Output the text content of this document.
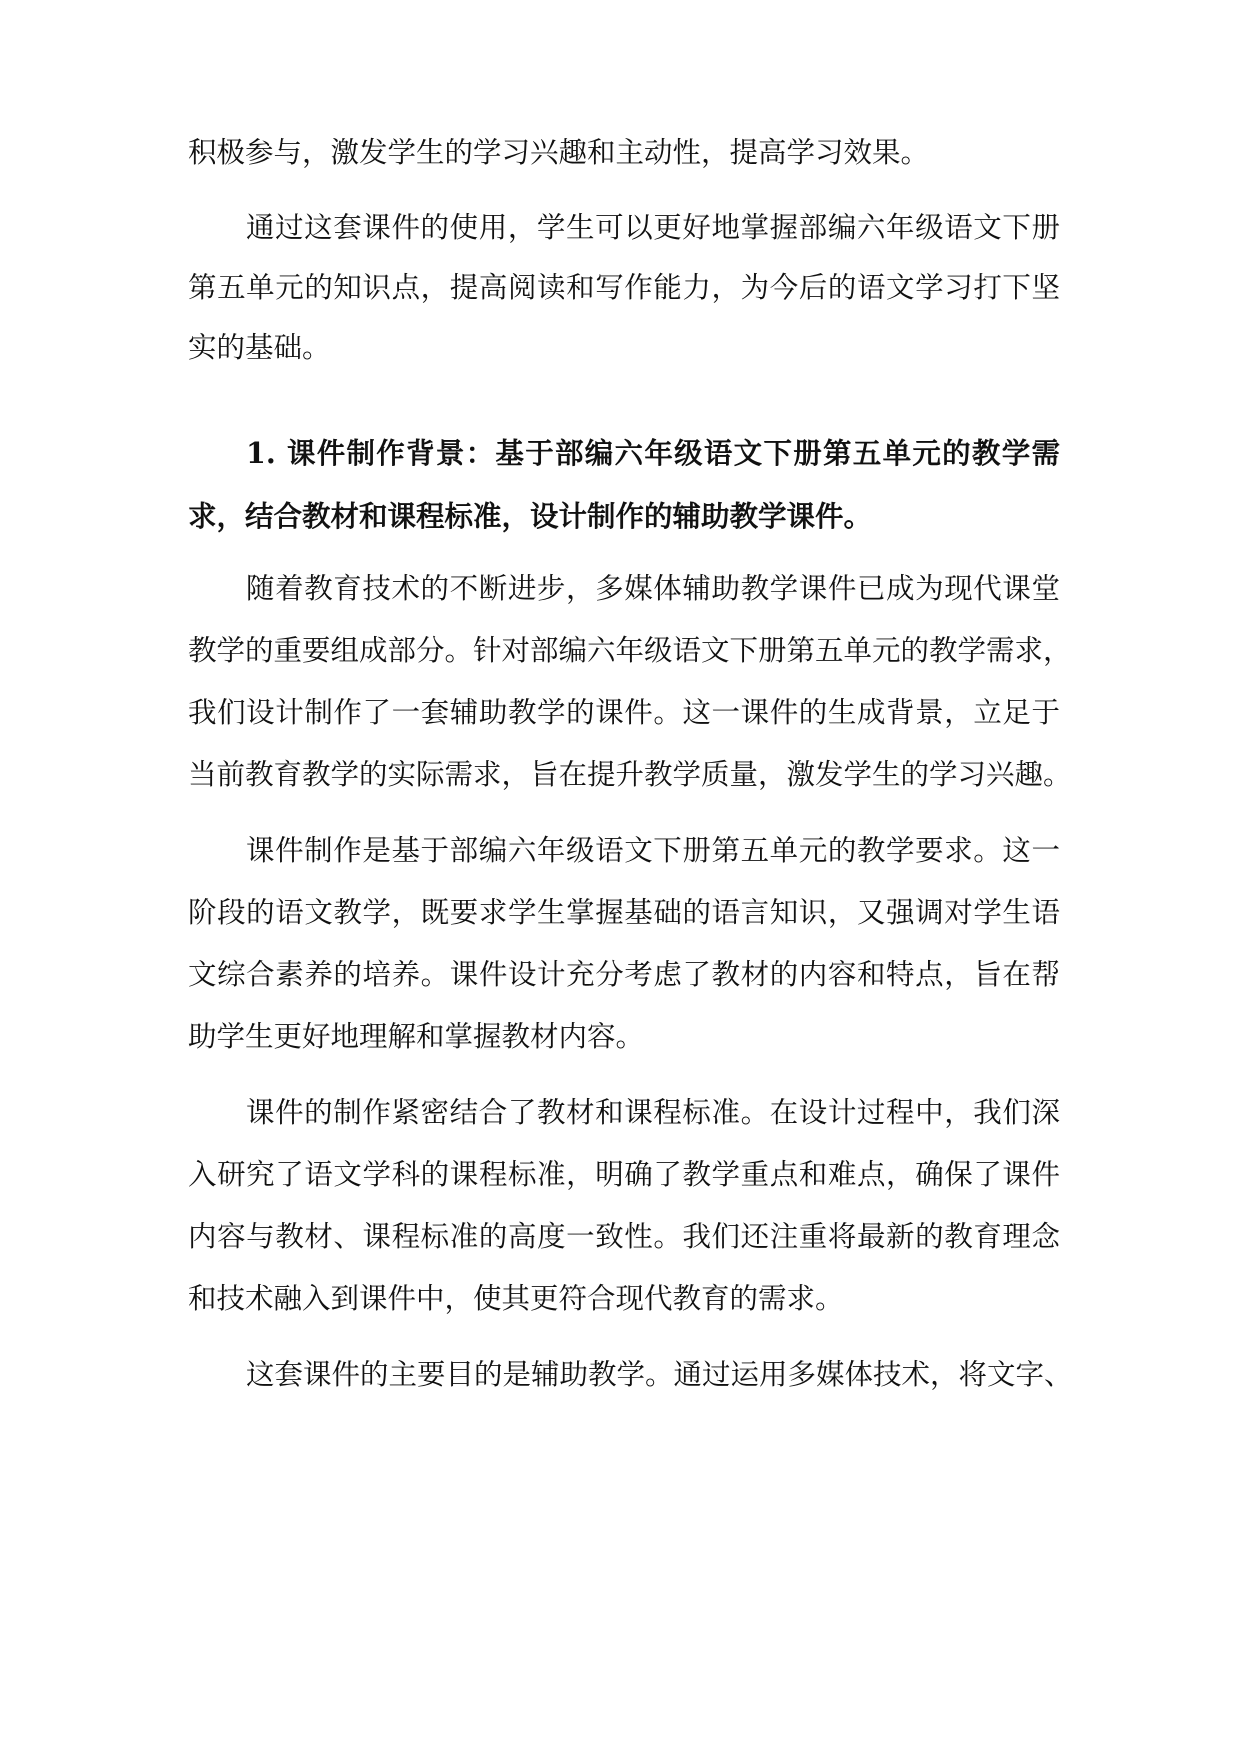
积极参与，激发学生的学习兴趣和主动性，提高学习效果。
通过这套课件的使用，学生可以更好地掌握部编六年级语文下册
第五单元的知识点，提高阅读和写作能力，为今后的语文学习打下坚
实的基础。
1. 课件制作背景：基于部编六年级语文下册第五单元的教学需
求，结合教材和课程标准，设计制作的辅助教学课件。
随着教育技术的不断进步，多媒体辅助教学课件已成为现代课堂
教学的重要组成部分。针对部编六年级语文下册第五单元的教学需求，
我们设计制作了一套辅助教学的课件。这一课件的生成背景，立足于
当前教育教学的实际需求，旨在提升教学质量，激发学生的学习兴趣。
课件制作是基于部编六年级语文下册第五单元的教学要求。这一
阶段的语文教学，既要求学生掌握基础的语言知识，又强调对学生语
文综合素养的培养。课件设计充分考虑了教材的内容和特点，旨在帮
助学生更好地理解和掌握教材内容。
课件的制作紧密结合了教材和课程标准。在设计过程中，我们深
入研究了语文学科的课程标准，明确了教学重点和难点，确保了课件
内容与教材、课程标准的高度一致性。我们还注重将最新的教育理念
和技术融入到课件中，使其更符合现代教育的需求。
这套课件的主要目的是辅助教学。通过运用多媒体技术，将文字、
